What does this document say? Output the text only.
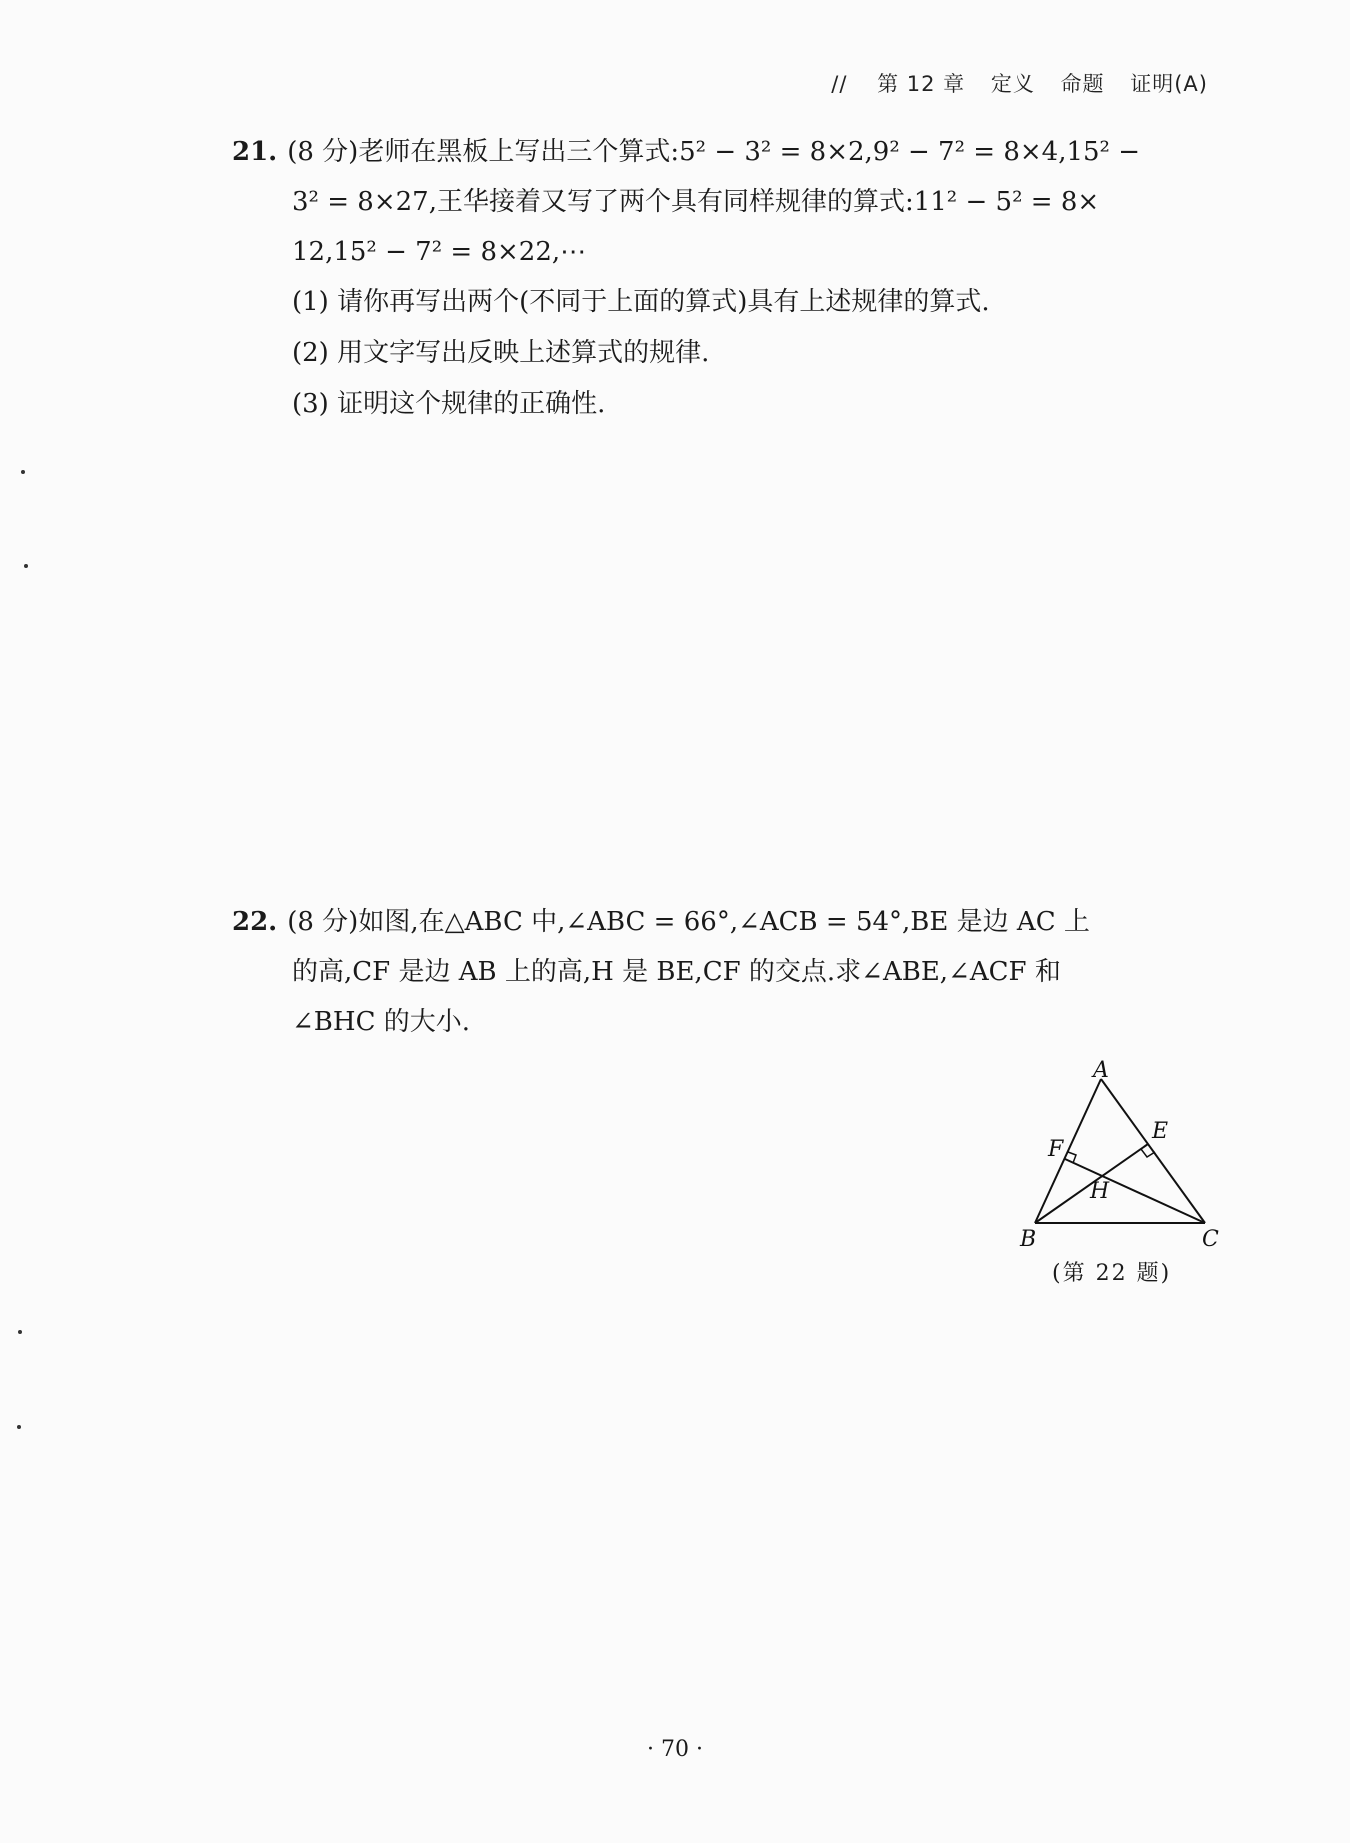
// 第 12 章 定义 命题 证明(A)
21. (8 分)老师在黑板上写出三个算式:5² − 3² = 8×2,9² − 7² = 8×4,15² −
3² = 8×27,王华接着又写了两个具有同样规律的算式:11² − 5² = 8×
12,15² − 7² = 8×22,⋯
(1) 请你再写出两个(不同于上面的算式)具有上述规律的算式.
(2) 用文字写出反映上述算式的规律.
(3) 证明这个规律的正确性.
22. (8 分)如图,在△ABC 中,∠ABC = 66°,∠ACB = 54°,BE 是边 AC 上
的高,CF 是边 AB 上的高,H 是 BE,CF 的交点.求∠ABE,∠ACF 和
∠BHC 的大小.
A
B	C
E
F
H
(第 22 题)
· 70 ·
